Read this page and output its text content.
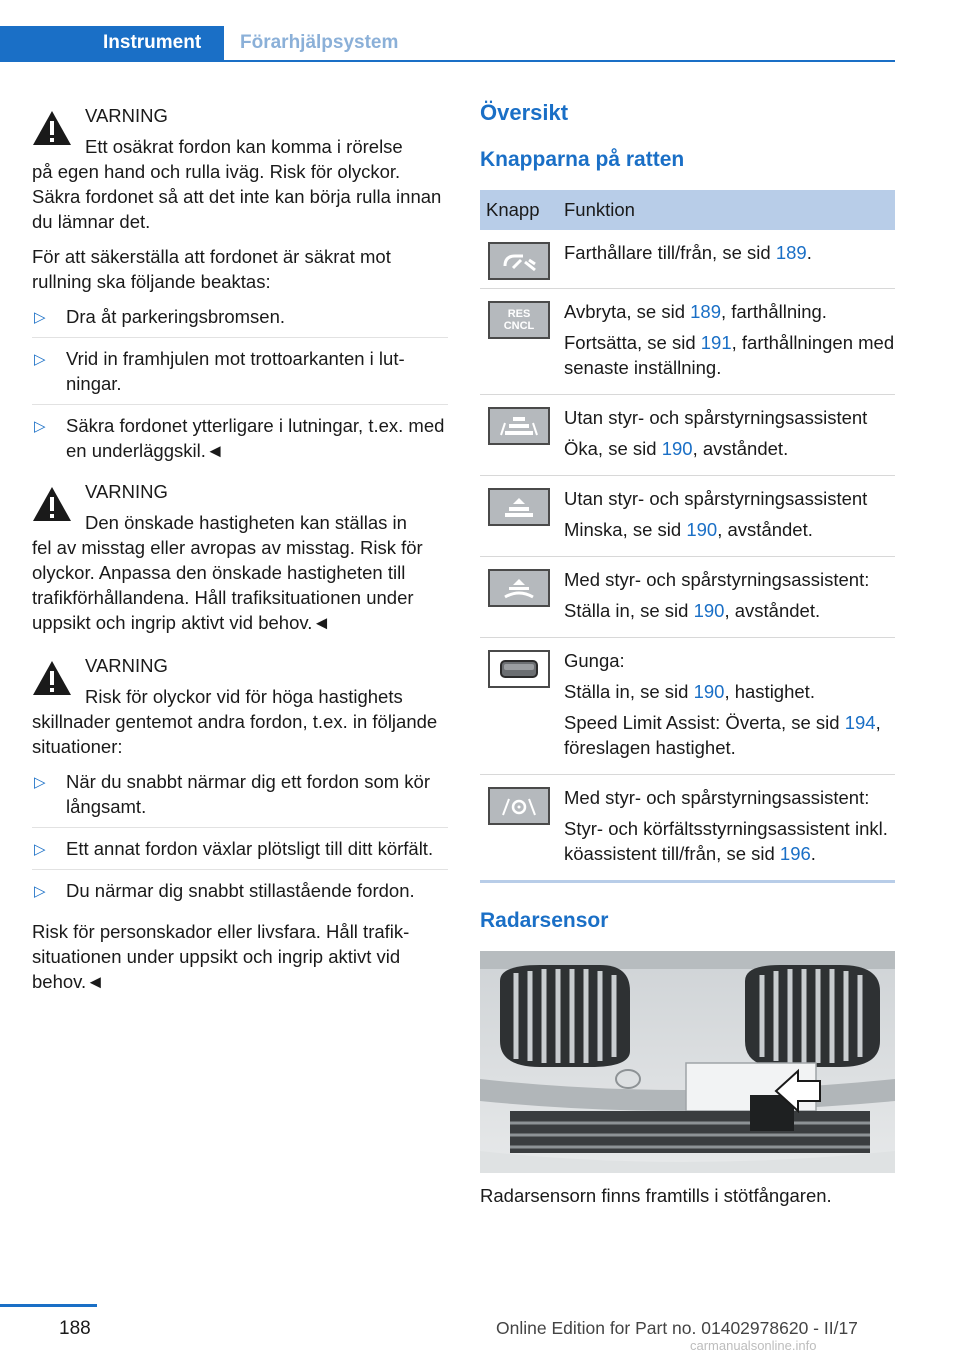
Instrument	Förarhjälpsystem
VARNING
Ett osäkrat fordon kan komma i rörelse
på egen hand och rulla iväg. Risk för olyckor. Säkra fordonet så att det inte kan börja rulla innan du lämnar det.

För att säkerställa att fordonet är säkrat mot rullning ska följande beaktas:

▷ Dra åt parkeringsbromsen.
▷ Vrid in framhjulen mot trottoarkanten i lutningar.
▷ Säkra fordonet ytterligare i lutningar, t.ex. med en underläggskil.◄
VARNING
Den önskade hastigheten kan ställas in
fel av misstag eller avropas av misstag. Risk för olyckor. Anpassa den önskade hastigheten till trafikförhållandena. Håll trafiksituationen under uppsikt och ingrip aktivt vid behov.◄
VARNING
Risk för olyckor vid för höga hastighets
skillnader gentemot andra fordon, t.ex. in följande situationer:
▷ När du snabbt närmar dig ett fordon som kör långsamt.
▷ Ett annat fordon växlar plötsligt till ditt körfält.
▷ Du närmar dig snabbt stillastående fordon.

Risk för personskador eller livsfara. Håll trafiksituationen under uppsikt och ingrip aktivt vid behov.◄

Översikt
Knapparna på ratten
Knapp	Funktion
Farthållare till/från, se sid 189.
RES
CNCL
Avbryta, se sid 189, farthållning.
Fortsätta, se sid 191, farthållningen med senaste inställning.
Utan styr- och spårstyrningsassistent
Öka, se sid 190, avståndet.
Utan styr- och spårstyrningsassistent
Minska, se sid 190, avståndet.
Med styr- och spårstyrningsassistent:
Ställa in, se sid 190, avståndet.
Gunga:
Ställa in, se sid 190, hastighet.
Speed Limit Assist: Överta, se sid 194, föreslagen hastighet.
Med styr- och spårstyrningsassistent:
Styr- och körfältsstyrningsassistent inkl. köassistent till/från, se sid 196.
Radarsensor
Radarsensorn finns framtills i stötfångaren.
188	Online Edition for Part no. 01402978620 - II/17
carmanualsonline.info
